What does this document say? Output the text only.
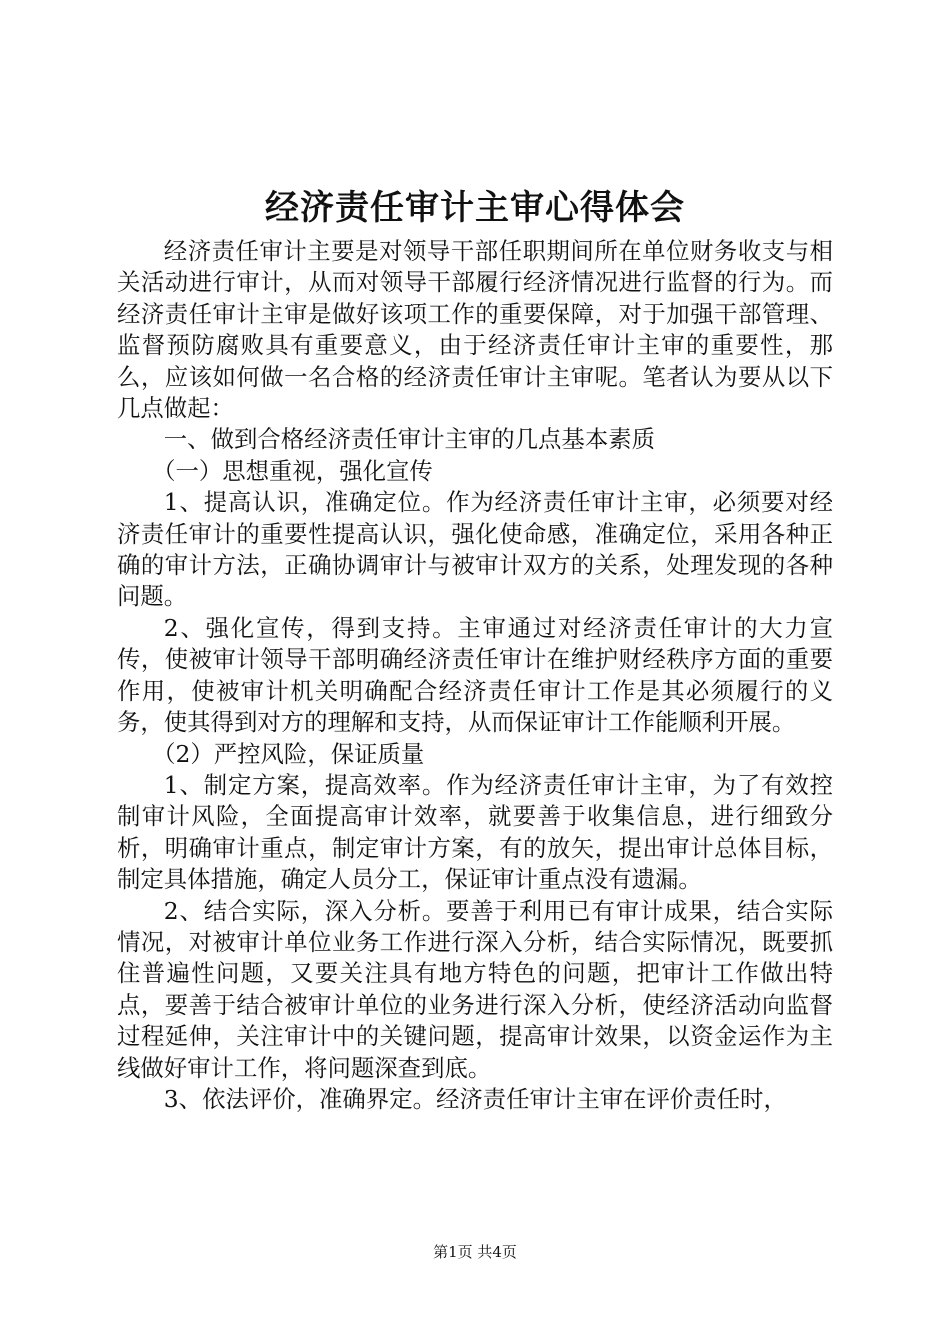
经济责任审计主审心得体会

经济责任审计主要是对领导干部任职期间所在单位财务收支与相关活动进行审计，从而对领导干部履行经济情况进行监督的行为。而经济责任审计主审是做好该项工作的重要保障，对于加强干部管理、监督预防腐败具有重要意义，由于经济责任审计主审的重要性，那么，应该如何做一名合格的经济责任审计主审呢。笔者认为要从以下几点做起：

一、做到合格经济责任审计主审的几点基本素质

（一）思想重视，强化宣传

1、提高认识，准确定位。作为经济责任审计主审，必须要对经济责任审计的重要性提高认识，强化使命感，准确定位，采用各种正确的审计方法，正确协调审计与被审计双方的关系，处理发现的各种问题。

2、强化宣传，得到支持。主审通过对经济责任审计的大力宣传，使被审计领导干部明确经济责任审计在维护财经秩序方面的重要作用，使被审计机关明确配合经济责任审计工作是其必须履行的义务，使其得到对方的理解和支持，从而保证审计工作能顺利开展。

（2）严控风险，保证质量

1、制定方案，提高效率。作为经济责任审计主审，为了有效控制审计风险，全面提高审计效率，就要善于收集信息，进行细致分析，明确审计重点，制定审计方案，有的放矢，提出审计总体目标，制定具体措施，确定人员分工，保证审计重点没有遗漏。

2、结合实际，深入分析。要善于利用已有审计成果，结合实际情况，对被审计单位业务工作进行深入分析，结合实际情况，既要抓住普遍性问题，又要关注具有地方特色的问题，把审计工作做出特点，要善于结合被审计单位的业务进行深入分析，使经济活动向监督过程延伸，关注审计中的关键问题，提高审计效果，以资金运作为主线做好审计工作，将问题深查到底。

3、依法评价，准确界定。经济责任审计主审在评价责任时，

第1页 共4页
